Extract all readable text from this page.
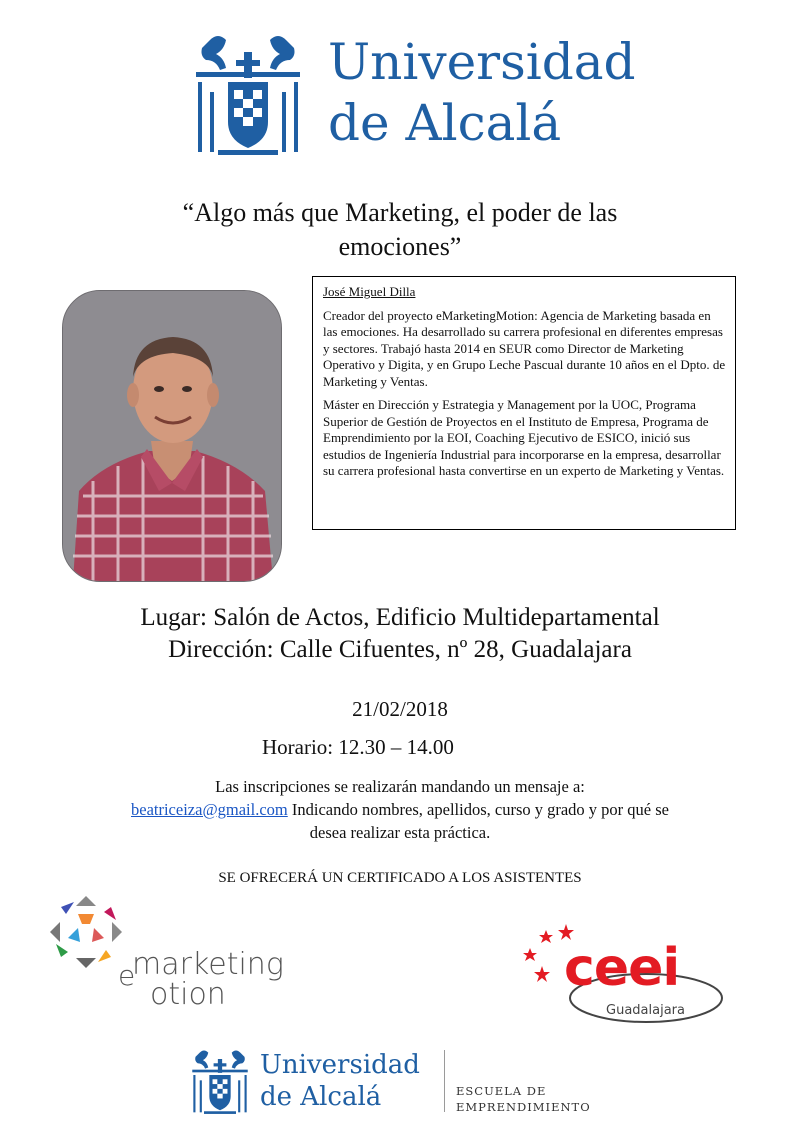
Universidad
de Alcalá
“Algo más que Marketing, el poder de las emociones”
José Miguel Dilla

Creador del proyecto eMarketingMotion: Agencia de Marketing basada en las emociones. Ha desarrollado su carrera profesional en diferentes empresas y sectores. Trabajó hasta 2014 en SEUR como Director de Marketing Operativo y Digita, y en Grupo Leche Pascual durante 10 años en el Dpto. de Marketing y Ventas.

Máster en Dirección y Estrategia y Management por la UOC, Programa Superior de Gestión de Proyectos en el Instituto de Empresa, Programa de Emprendimiento por la EOI, Coaching Ejecutivo de ESICO, inició sus estudios de Ingeniería Industrial para incorporarse en la empresa, desarrollar su carrera profesional hasta convertirse en un experto de Marketing y Ventas.

Lugar: Salón de Actos, Edificio Multidepartamental
Dirección: Calle Cifuentes, nº 28, Guadalajara
21/02/2018
Horario: 12.30 – 14.00
Las inscripciones se realizarán mandando un mensaje a:
beatriceiza@gmail.com Indicando nombres, apellidos, curso y grado y por qué se desea realizar esta práctica.
SE OFRECERÁ UN CERTIFICADO A LOS ASISTENTES
e
marketing
otion	ceei
Guadalajara
Universidad
de Alcalá	ESCUELA DE
EMPRENDIMIENTO
